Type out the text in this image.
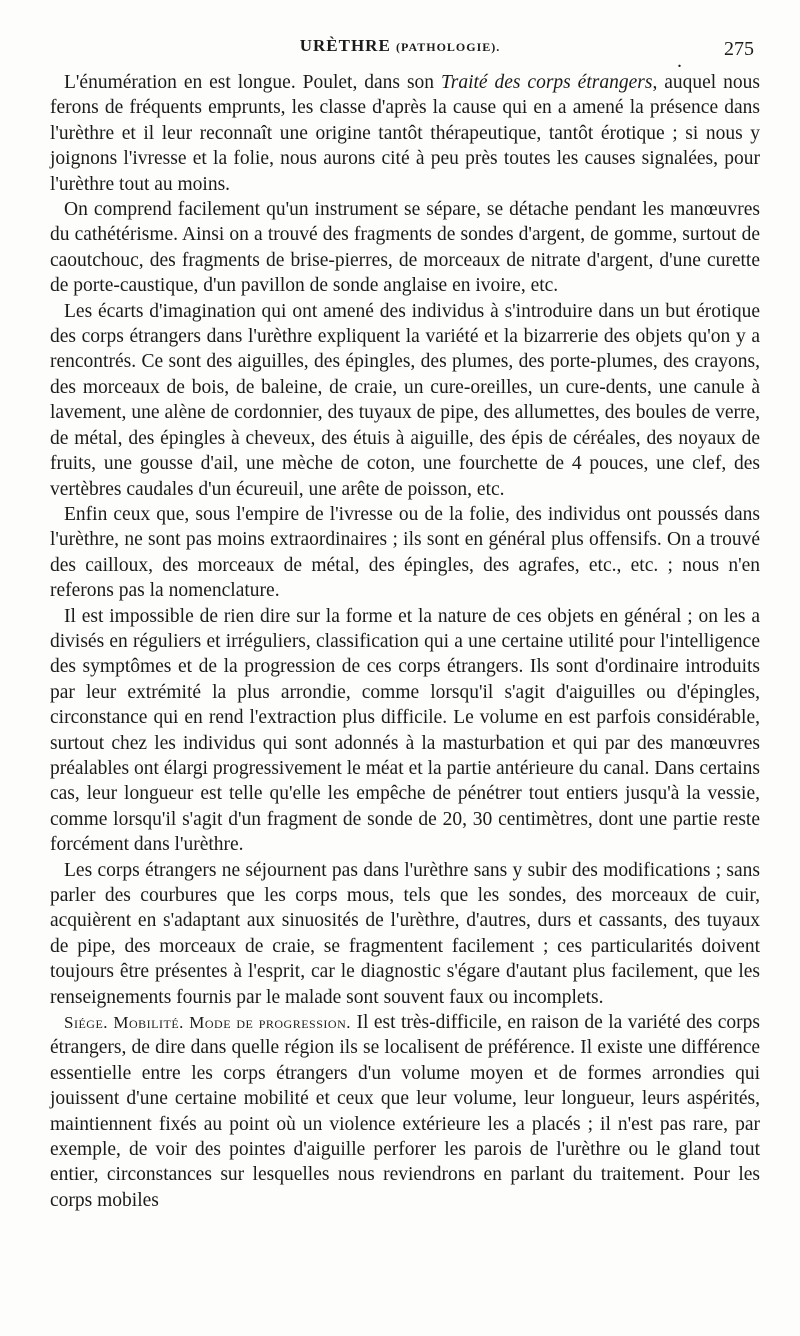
URÈTHRE (PATHOLOGIE).
.
275

L'énumération en est longue. Poulet, dans son Traité des corps étrangers, auquel nous ferons de fréquents emprunts, les classe d'après la cause qui en a amené la présence dans l'urèthre et il leur reconnaît une origine tantôt thérapeutique, tantôt érotique ; si nous y joignons l'ivresse et la folie, nous aurons cité à peu près toutes les causes signalées, pour l'urèthre tout au moins.

On comprend facilement qu'un instrument se sépare, se détache pendant les manœuvres du cathétérisme. Ainsi on a trouvé des fragments de sondes d'argent, de gomme, surtout de caoutchouc, des fragments de brise-pierres, de morceaux de nitrate d'argent, d'une curette de porte-caustique, d'un pavillon de sonde anglaise en ivoire, etc.

Les écarts d'imagination qui ont amené des individus à s'introduire dans un but érotique des corps étrangers dans l'urèthre expliquent la variété et la bizarrerie des objets qu'on y a rencontrés. Ce sont des aiguilles, des épingles, des plumes, des porte-plumes, des crayons, des morceaux de bois, de baleine, de craie, un cure-oreilles, un cure-dents, une canule à lavement, une alène de cordonnier, des tuyaux de pipe, des allumettes, des boules de verre, de métal, des épingles à cheveux, des étuis à aiguille, des épis de céréales, des noyaux de fruits, une gousse d'ail, une mèche de coton, une fourchette de 4 pouces, une clef, des vertèbres caudales d'un écureuil, une arête de poisson, etc.

Enfin ceux que, sous l'empire de l'ivresse ou de la folie, des individus ont poussés dans l'urèthre, ne sont pas moins extraordinaires ; ils sont en général plus offensifs. On a trouvé des cailloux, des morceaux de métal, des épingles, des agrafes, etc., etc. ; nous n'en referons pas la nomenclature.

Il est impossible de rien dire sur la forme et la nature de ces objets en général ; on les a divisés en réguliers et irréguliers, classification qui a une certaine utilité pour l'intelligence des symptômes et de la progression de ces corps étrangers. Ils sont d'ordinaire introduits par leur extrémité la plus arrondie, comme lorsqu'il s'agit d'aiguilles ou d'épingles, circonstance qui en rend l'extraction plus difficile. Le volume en est parfois considérable, surtout chez les individus qui sont adonnés à la masturbation et qui par des manœuvres préalables ont élargi progressivement le méat et la partie antérieure du canal. Dans certains cas, leur longueur est telle qu'elle les empêche de pénétrer tout entiers jusqu'à la vessie, comme lorsqu'il s'agit d'un fragment de sonde de 20, 30 centimètres, dont une partie reste forcément dans l'urèthre.

Les corps étrangers ne séjournent pas dans l'urèthre sans y subir des modifications ; sans parler des courbures que les corps mous, tels que les sondes, des morceaux de cuir, acquièrent en s'adaptant aux sinuosités de l'urèthre, d'autres, durs et cassants, des tuyaux de pipe, des morceaux de craie, se fragmentent facilement ; ces particularités doivent toujours être présentes à l'esprit, car le diagnostic s'égare d'autant plus facilement, que les renseignements fournis par le malade sont souvent faux ou incomplets.

Siége. Mobilité. Mode de progression. Il est très-difficile, en raison de la variété des corps étrangers, de dire dans quelle région ils se localisent de préférence. Il existe une différence essentielle entre les corps étrangers d'un volume moyen et de formes arrondies qui jouissent d'une certaine mobilité et ceux que leur volume, leur longueur, leurs aspérités, maintiennent fixés au point où un violence extérieure les a placés ; il n'est pas rare, par exemple, de voir des pointes d'aiguille perforer les parois de l'urèthre ou le gland tout entier, circonstances sur lesquelles nous reviendrons en parlant du traitement. Pour les corps mobiles
